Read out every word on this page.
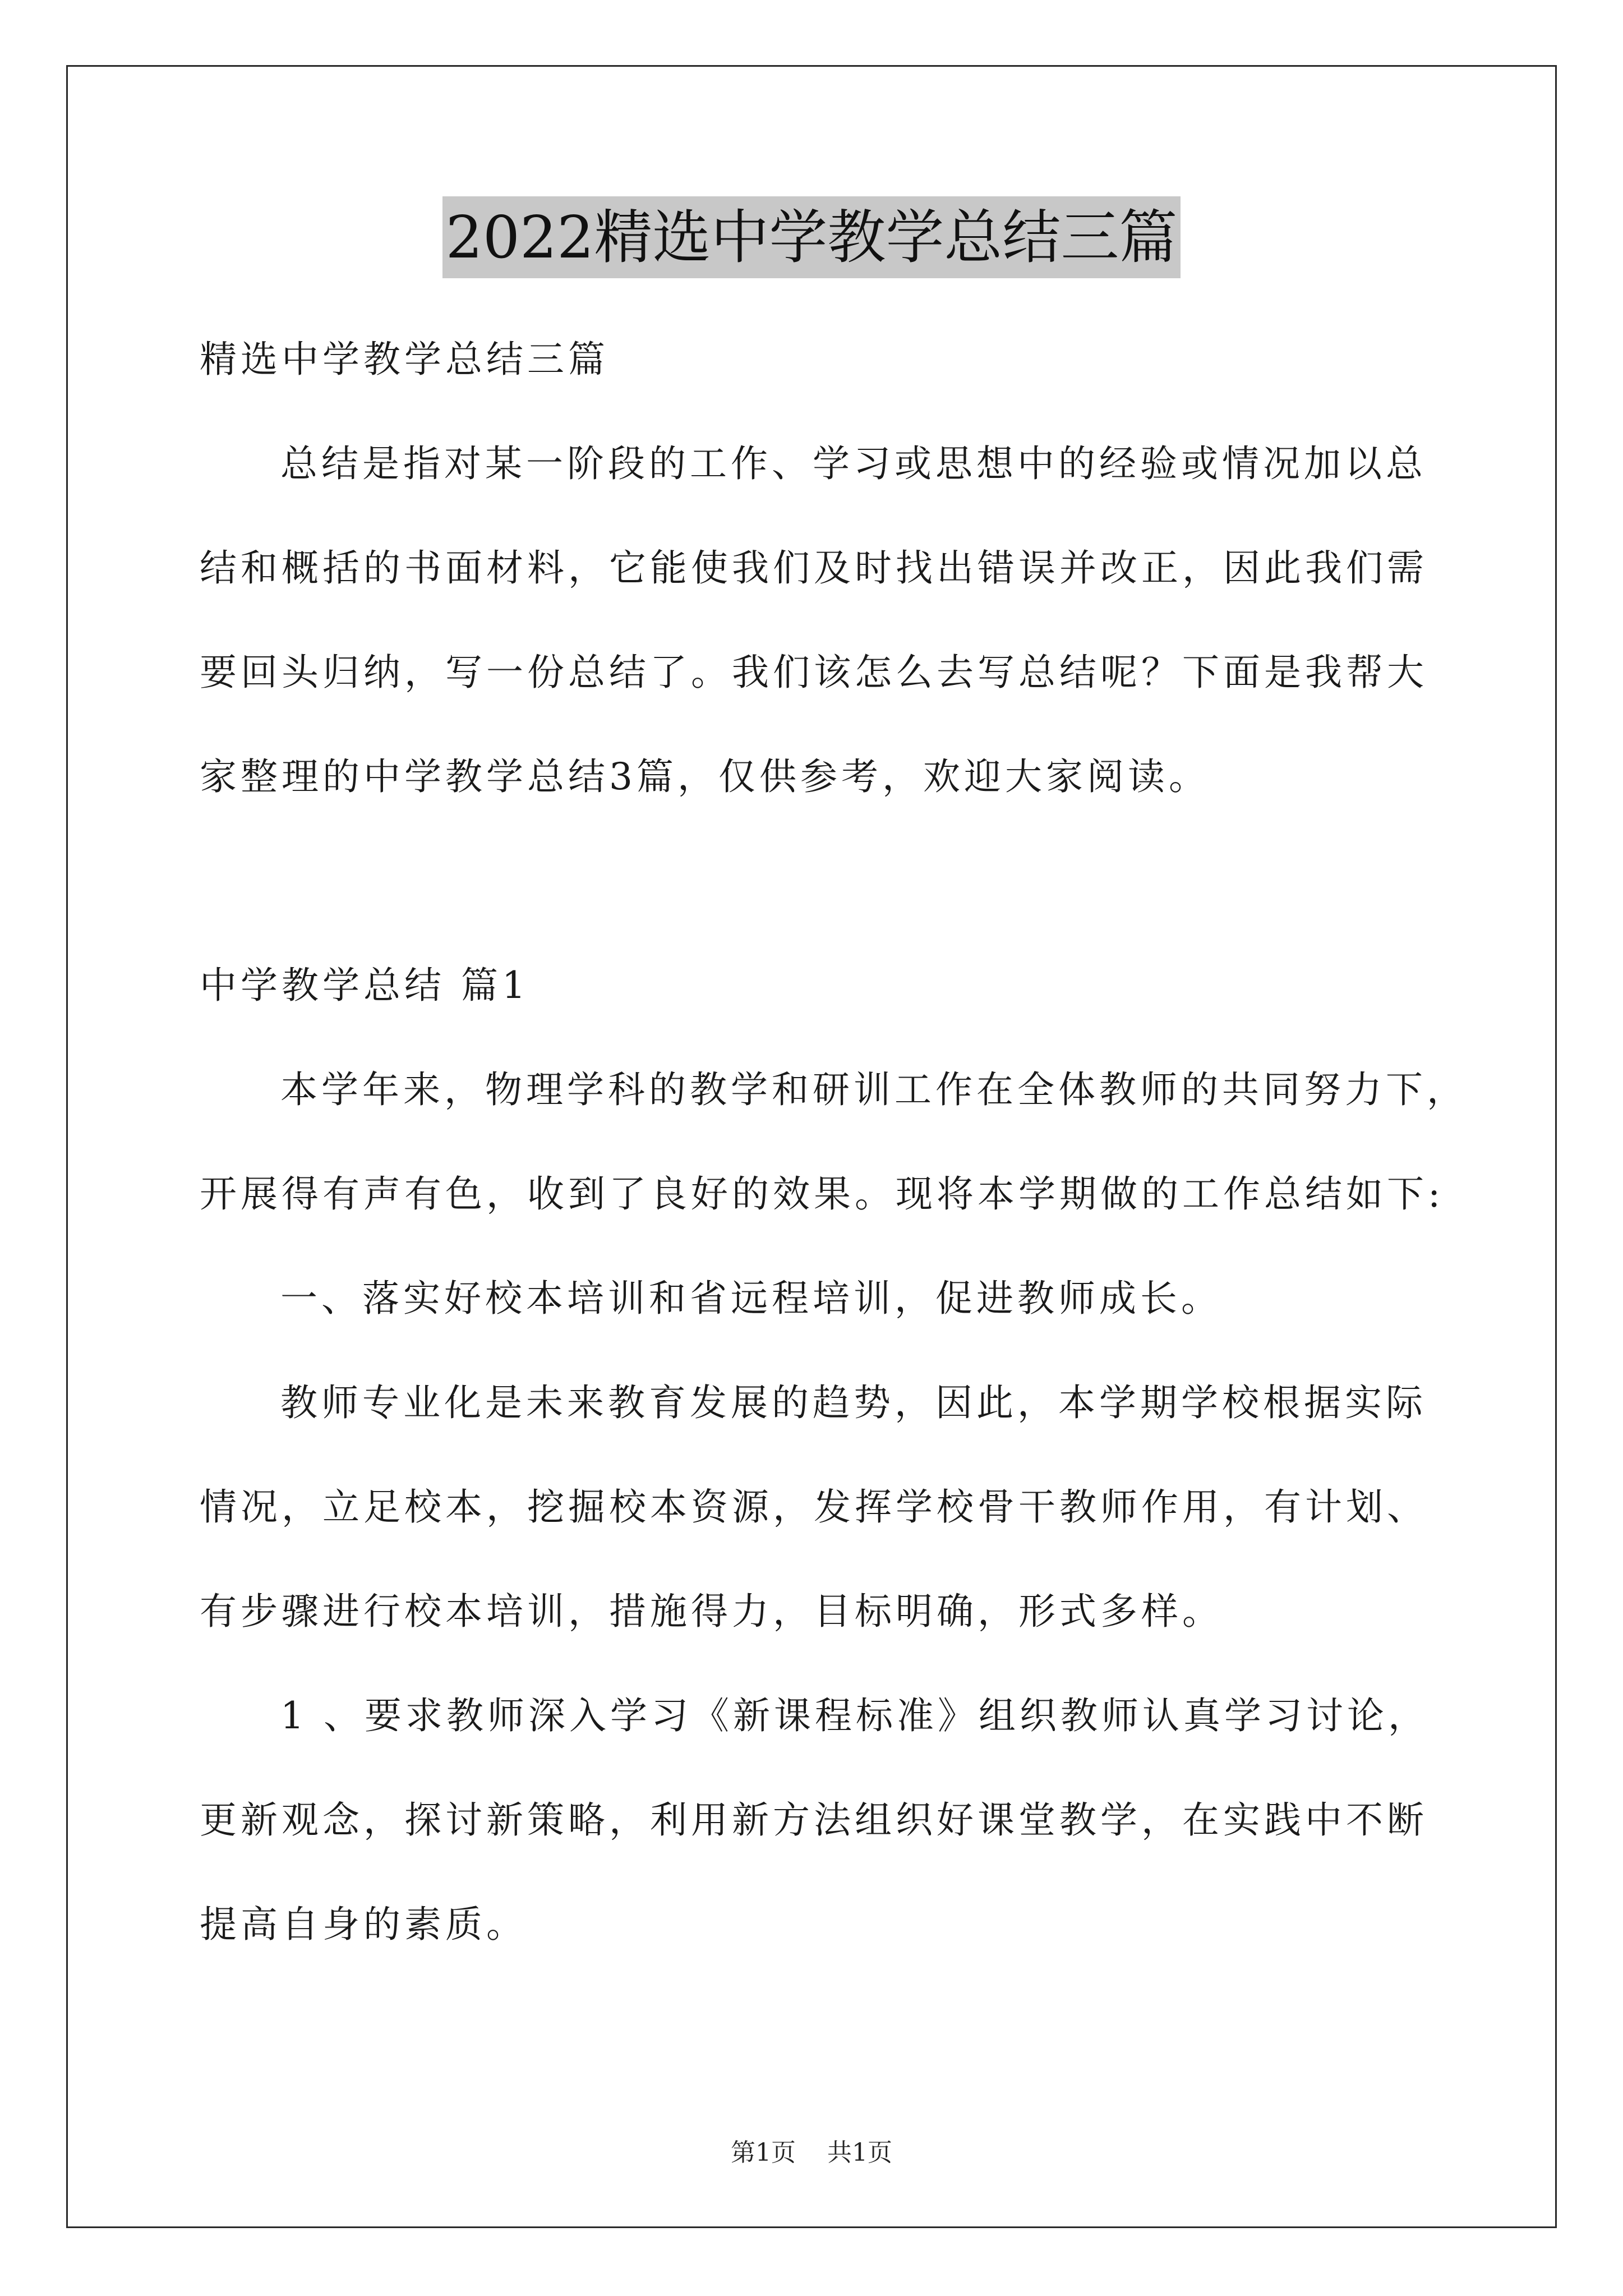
2022精选中学教学总结三篇
精选中学教学总结三篇
总结是指对某一阶段的工作、学习或思想中的经验或情况加以总
结和概括的书面材料，它能使我们及时找出错误并改正，因此我们需
要回头归纳，写一份总结了。我们该怎么去写总结呢？下面是我帮大
家整理的中学教学总结3篇，仅供参考，欢迎大家阅读。
中学教学总结 篇1
本学年来，物理学科的教学和研训工作在全体教师的共同努力下，
开展得有声有色，收到了良好的效果。现将本学期做的工作总结如下:
一、落实好校本培训和省远程培训，促进教师成长。
教师专业化是未来教育发展的趋势，因此，本学期学校根据实际
情况，立足校本，挖掘校本资源，发挥学校骨干教师作用，有计划、
有步骤进行校本培训，措施得力，目标明确，形式多样。
1 、要求教师深入学习《新课程标准》组织教师认真学习讨论，
更新观念，探讨新策略，利用新方法组织好课堂教学，在实践中不断
提高自身的素质。
第1页 共1页
